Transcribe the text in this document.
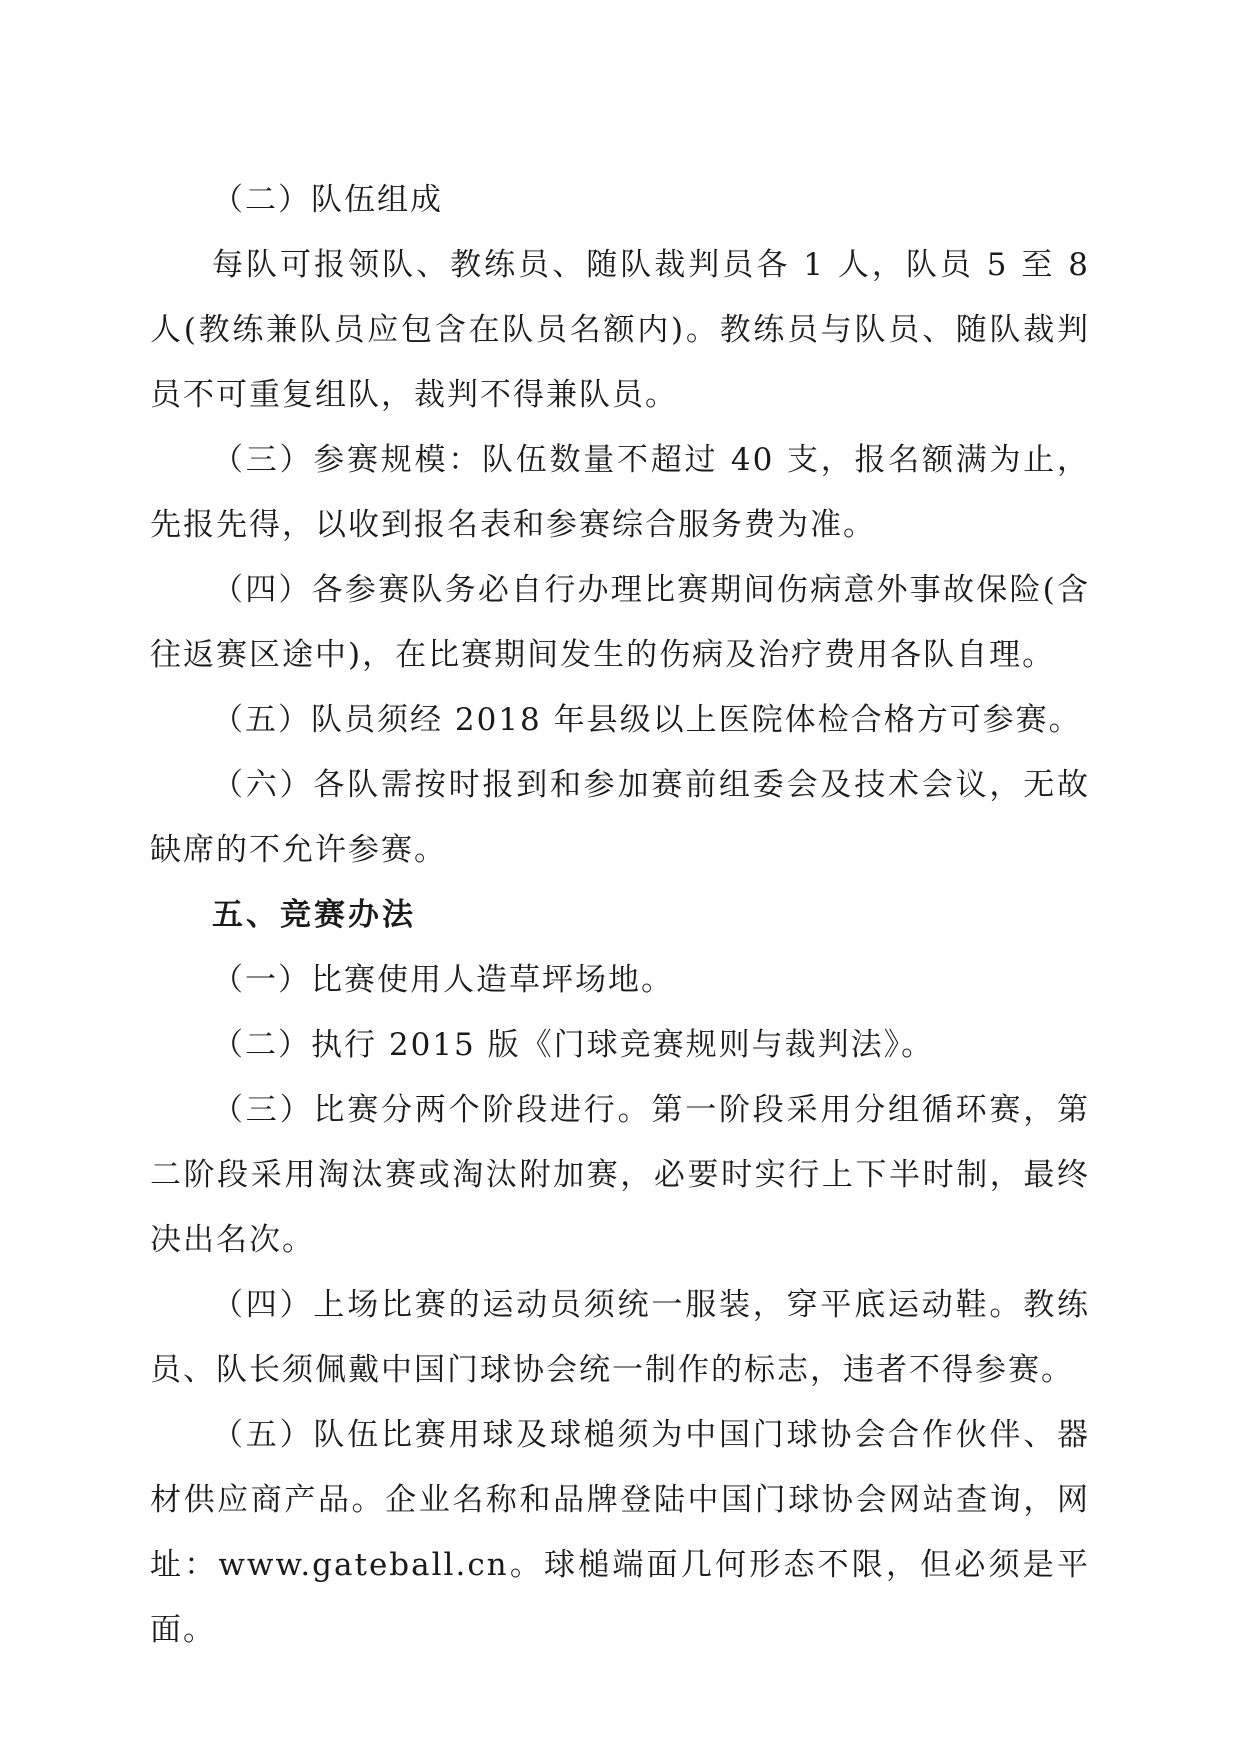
（二）队伍组成

每队可报领队、教练员、随队裁判员各 1 人，队员 5 至 8 人(教练兼队员应包含在队员名额内)。教练员与队员、随队裁判员不可重复组队，裁判不得兼队员。

（三）参赛规模：队伍数量不超过 40 支，报名额满为止，先报先得，以收到报名表和参赛综合服务费为准。

（四）各参赛队务必自行办理比赛期间伤病意外事故保险(含往返赛区途中)，在比赛期间发生的伤病及治疗费用各队自理。

（五）队员须经 2018 年县级以上医院体检合格方可参赛。

（六）各队需按时报到和参加赛前组委会及技术会议，无故缺席的不允许参赛。

五、竞赛办法

（一）比赛使用人造草坪场地。

（二）执行 2015 版《门球竞赛规则与裁判法》。

（三）比赛分两个阶段进行。第一阶段采用分组循环赛，第二阶段采用淘汰赛或淘汰附加赛，必要时实行上下半时制，最终决出名次。

（四）上场比赛的运动员须统一服装，穿平底运动鞋。教练员、队长须佩戴中国门球协会统一制作的标志，违者不得参赛。

（五）队伍比赛用球及球槌须为中国门球协会合作伙伴、器材供应商产品。企业名称和品牌登陆中国门球协会网站查询，网址：www.gateball.cn。球槌端面几何形态不限，但必须是平面。
